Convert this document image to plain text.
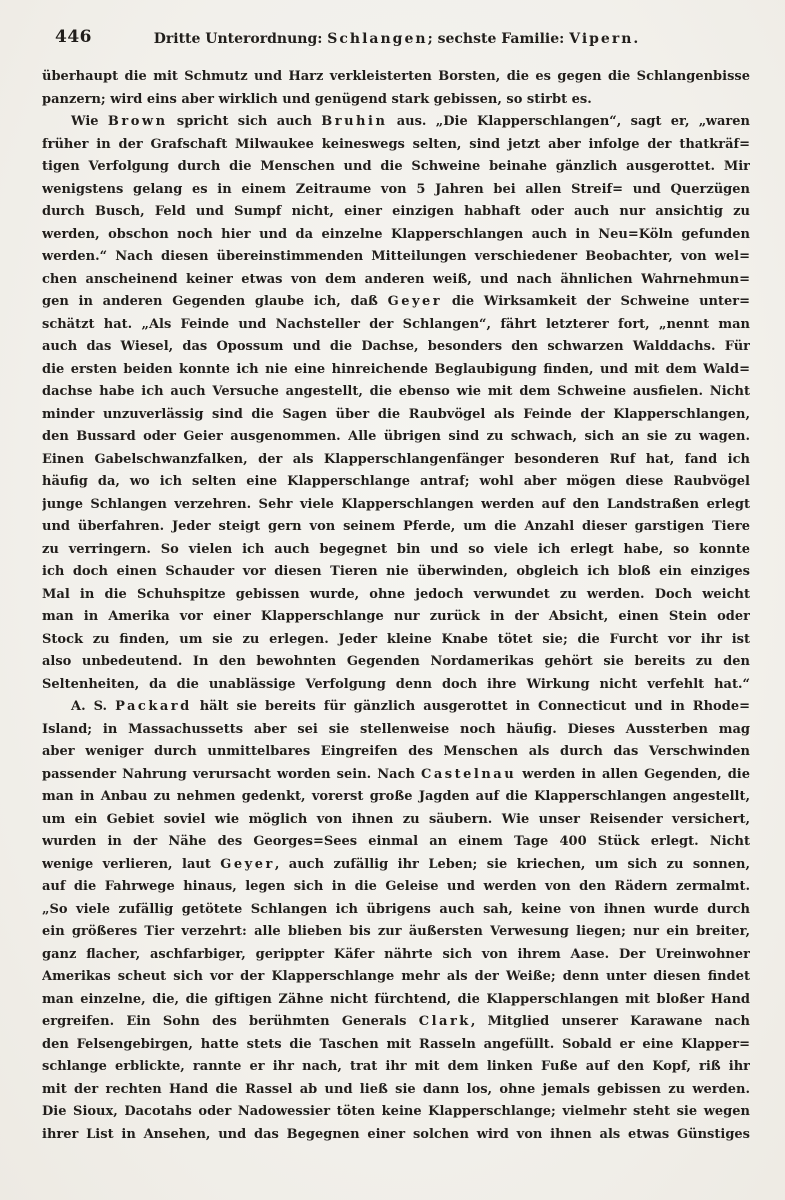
446	Dritte Unterordnung: Schlangen; sechste Familie: Vipern.
überhaupt die mit Schmutz und Harz verkleisterten Borsten, die es gegen die Schlangenbisse
panzern; wird eins aber wirklich und genügend stark gebissen, so stirbt es.
Wie Brown spricht sich auch Bruhin aus. „Die Klapperschlangen“, sagt er, „waren
früher in der Grafschaft Milwaukee keineswegs selten, sind jetzt aber infolge der thatkräf=
tigen Verfolgung durch die Menschen und die Schweine beinahe gänzlich ausgerottet. Mir
wenigstens gelang es in einem Zeitraume von 5 Jahren bei allen Streif= und Querzügen
durch Busch, Feld und Sumpf nicht, einer einzigen habhaft oder auch nur ansichtig zu
werden, obschon noch hier und da einzelne Klapperschlangen auch in Neu=Köln gefunden
werden.“ Nach diesen übereinstimmenden Mitteilungen verschiedener Beobachter, von wel=
chen anscheinend keiner etwas von dem anderen weiß, und nach ähnlichen Wahrnehmun=
gen in anderen Gegenden glaube ich, daß Geyer die Wirksamkeit der Schweine unter=
schätzt hat. „Als Feinde und Nachsteller der Schlangen“, fährt letzterer fort, „nennt man
auch das Wiesel, das Opossum und die Dachse, besonders den schwarzen Walddachs. Für
die ersten beiden konnte ich nie eine hinreichende Beglaubigung finden, und mit dem Wald=
dachse habe ich auch Versuche angestellt, die ebenso wie mit dem Schweine ausfielen. Nicht
minder unzuverlässig sind die Sagen über die Raubvögel als Feinde der Klapperschlangen,
den Bussard oder Geier ausgenommen. Alle übrigen sind zu schwach, sich an sie zu wagen.
Einen Gabelschwanzfalken, der als Klapperschlangenfänger besonderen Ruf hat, fand ich
häufig da, wo ich selten eine Klapperschlange antraf; wohl aber mögen diese Raubvögel
junge Schlangen verzehren. Sehr viele Klapperschlangen werden auf den Landstraßen erlegt
und überfahren. Jeder steigt gern von seinem Pferde, um die Anzahl dieser garstigen Tiere
zu verringern. So vielen ich auch begegnet bin und so viele ich erlegt habe, so konnte
ich doch einen Schauder vor diesen Tieren nie überwinden, obgleich ich bloß ein einziges
Mal in die Schuhspitze gebissen wurde, ohne jedoch verwundet zu werden. Doch weicht
man in Amerika vor einer Klapperschlange nur zurück in der Absicht, einen Stein oder
Stock zu finden, um sie zu erlegen. Jeder kleine Knabe tötet sie; die Furcht vor ihr ist
also unbedeutend. In den bewohnten Gegenden Nordamerikas gehört sie bereits zu den
Seltenheiten, da die unablässige Verfolgung denn doch ihre Wirkung nicht verfehlt hat.“
A. S. Packard hält sie bereits für gänzlich ausgerottet in Connecticut und in Rhode=
Island; in Massachussetts aber sei sie stellenweise noch häufig. Dieses Aussterben mag
aber weniger durch unmittelbares Eingreifen des Menschen als durch das Verschwinden
passender Nahrung verursacht worden sein. Nach Castelnau werden in allen Gegenden, die
man in Anbau zu nehmen gedenkt, vorerst große Jagden auf die Klapperschlangen angestellt,
um ein Gebiet soviel wie möglich von ihnen zu säubern. Wie unser Reisender versichert,
wurden in der Nähe des Georges=Sees einmal an einem Tage 400 Stück erlegt. Nicht
wenige verlieren, laut Geyer, auch zufällig ihr Leben; sie kriechen, um sich zu sonnen,
auf die Fahrwege hinaus, legen sich in die Geleise und werden von den Rädern zermalmt.
„So viele zufällig getötete Schlangen ich übrigens auch sah, keine von ihnen wurde durch
ein größeres Tier verzehrt: alle blieben bis zur äußersten Verwesung liegen; nur ein breiter,
ganz flacher, aschfarbiger, gerippter Käfer nährte sich von ihrem Aase. Der Ureinwohner
Amerikas scheut sich vor der Klapperschlange mehr als der Weiße; denn unter diesen findet
man einzelne, die, die giftigen Zähne nicht fürchtend, die Klapperschlangen mit bloßer Hand
ergreifen. Ein Sohn des berühmten Generals Clark, Mitglied unserer Karawane nach
den Felsengebirgen, hatte stets die Taschen mit Rasseln angefüllt. Sobald er eine Klapper=
schlange erblickte, rannte er ihr nach, trat ihr mit dem linken Fuße auf den Kopf, riß ihr
mit der rechten Hand die Rassel ab und ließ sie dann los, ohne jemals gebissen zu werden.
Die Sioux, Dacotahs oder Nadowessier töten keine Klapperschlange; vielmehr steht sie wegen
ihrer List in Ansehen, und das Begegnen einer solchen wird von ihnen als etwas Günstiges
